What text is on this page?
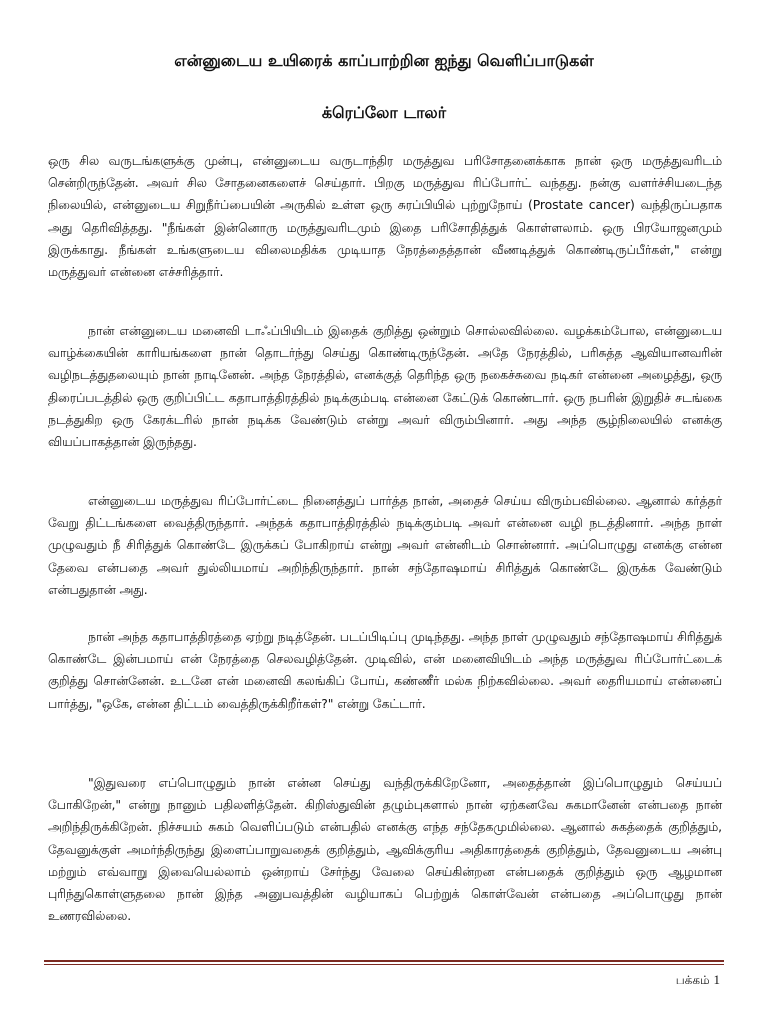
என்னுடைய உயிரைக் காப்பாற்றின ஐந்து வெளிப்பாடுகள்
க்ரெப்லோ டாலர்

ஒரு சில வருடங்களுக்கு முன்பு, என்னுடைய வருடாந்திர மருத்துவ பரிசோதனைக்காக நான் ஒரு மருத்துவரிடம் சென்றிருந்தேன். அவர் சில சோதனைகளைச் செய்தார். பிறகு மருத்துவ ரிப்போர்ட் வந்தது. நன்கு வளர்ச்சியடைந்த நிலையில், என்னுடைய சிறுநீர்ப்பையின் அருகில் உள்ள ஒரு சுரப்பியில் புற்றுநோய் (Prostate cancer) வந்திருப்பதாக அது தெரிவித்தது. "நீங்கள் இன்னொரு மருத்துவரிடமும் இதை பரிசோதித்துக் கொள்ளலாம். ஒரு பிரயோஜனமும் இருக்காது. நீங்கள் உங்களுடைய விலைமதிக்க முடியாத நேரத்தைத்தான் வீணடித்துக் கொண்டிருப்பீர்கள்," என்று மருத்துவர் என்னை எச்சரித்தார்.

நான் என்னுடைய மனைவி டாஃப்பியிடம் இதைக் குறித்து ஒன்றும் சொல்லவில்லை. வழக்கம்போல, என்னுடைய வாழ்க்கையின் காரியங்களை நான் தொடர்ந்து செய்து கொண்டிருந்தேன். அதே நேரத்தில், பரிசுத்த ஆவியானவரின் வழிநடத்துதலையும் நான் நாடினேன். அந்த நேரத்தில், எனக்குத் தெரிந்த ஒரு நகைச்சுவை நடிகர் என்னை அழைத்து, ஒரு திரைப்படத்தில் ஒரு குறிப்பிட்ட கதாபாத்திரத்தில் நடிக்கும்படி என்னை கேட்டுக் கொண்டார். ஒரு நபரின் இறுதிச் சடங்கை நடத்துகிற ஒரு கேரக்டரில் நான் நடிக்க வேண்டும் என்று அவர் விரும்பினார். அது அந்த சூழ்நிலையில் எனக்கு வியப்பாகத்தான் இருந்தது.

என்னுடைய மருத்துவ ரிப்போர்ட்டை நினைத்துப் பார்த்த நான், அதைச் செய்ய விரும்பவில்லை. ஆனால் கர்த்தர் வேறு திட்டங்களை வைத்திருந்தார். அந்தக் கதாபாத்திரத்தில் நடிக்கும்படி அவர் என்னை வழி நடத்தினார். அந்த நாள் முழுவதும் நீ சிரித்துக் கொண்டே இருக்கப் போகிறாய் என்று அவர் என்னிடம் சொன்னார். அப்பொழுது எனக்கு என்ன தேவை என்பதை அவர் துல்லியமாய் அறிந்திருந்தார். நான் சந்தோஷமாய் சிரித்துக் கொண்டே இருக்க வேண்டும் என்பதுதான் அது.

நான் அந்த கதாபாத்திரத்தை ஏற்று நடித்தேன். படப்பிடிப்பு முடிந்தது. அந்த நாள் முழுவதும் சந்தோஷமாய் சிரித்துக் கொண்டே இன்பமாய் என் நேரத்தை செலவழித்தேன். முடிவில், என் மனைவியிடம் அந்த மருத்துவ ரிப்போர்ட்டைக் குறித்து சொன்னேன். உடனே என் மனைவி கலங்கிப் போய், கண்ணீர் மல்க நிற்கவில்லை. அவர் தைரியமாய் என்னைப் பார்த்து, "ஒகே, என்ன திட்டம் வைத்திருக்கிறீர்கள்?" என்று கேட்டார்.

"இதுவரை எப்பொழுதும் நான் என்ன செய்து வந்திருக்கிறேனோ, அதைத்தான் இப்பொழுதும் செய்யப் போகிறேன்," என்று நானும் பதிலளித்தேன். கிறிஸ்துவின் தழும்புகளால் நான் ஏற்கனவே சுகமானேன் என்பதை நான் அறிந்திருக்கிறேன். நிச்சயம் சுகம் வெளிப்படும் என்பதில் எனக்கு எந்த சந்தேகமுமில்லை. ஆனால் சுகத்தைக் குறித்தும், தேவனுக்குள் அமர்ந்திருந்து இளைப்பாறுவதைக் குறித்தும், ஆவிக்குரிய அதிகாரத்தைக் குறித்தும், தேவனுடைய அன்பு மற்றும் எவ்வாறு இவையெல்லாம் ஒன்றாய் சேர்ந்து வேலை செய்கின்றன என்பதைக் குறித்தும் ஒரு ஆழமான புரிந்துகொள்ளுதலை நான் இந்த அனுபவத்தின் வழியாகப் பெற்றுக் கொள்வேன் என்பதை அப்பொழுது நான் உணரவில்லை.

பக்கம் 1
